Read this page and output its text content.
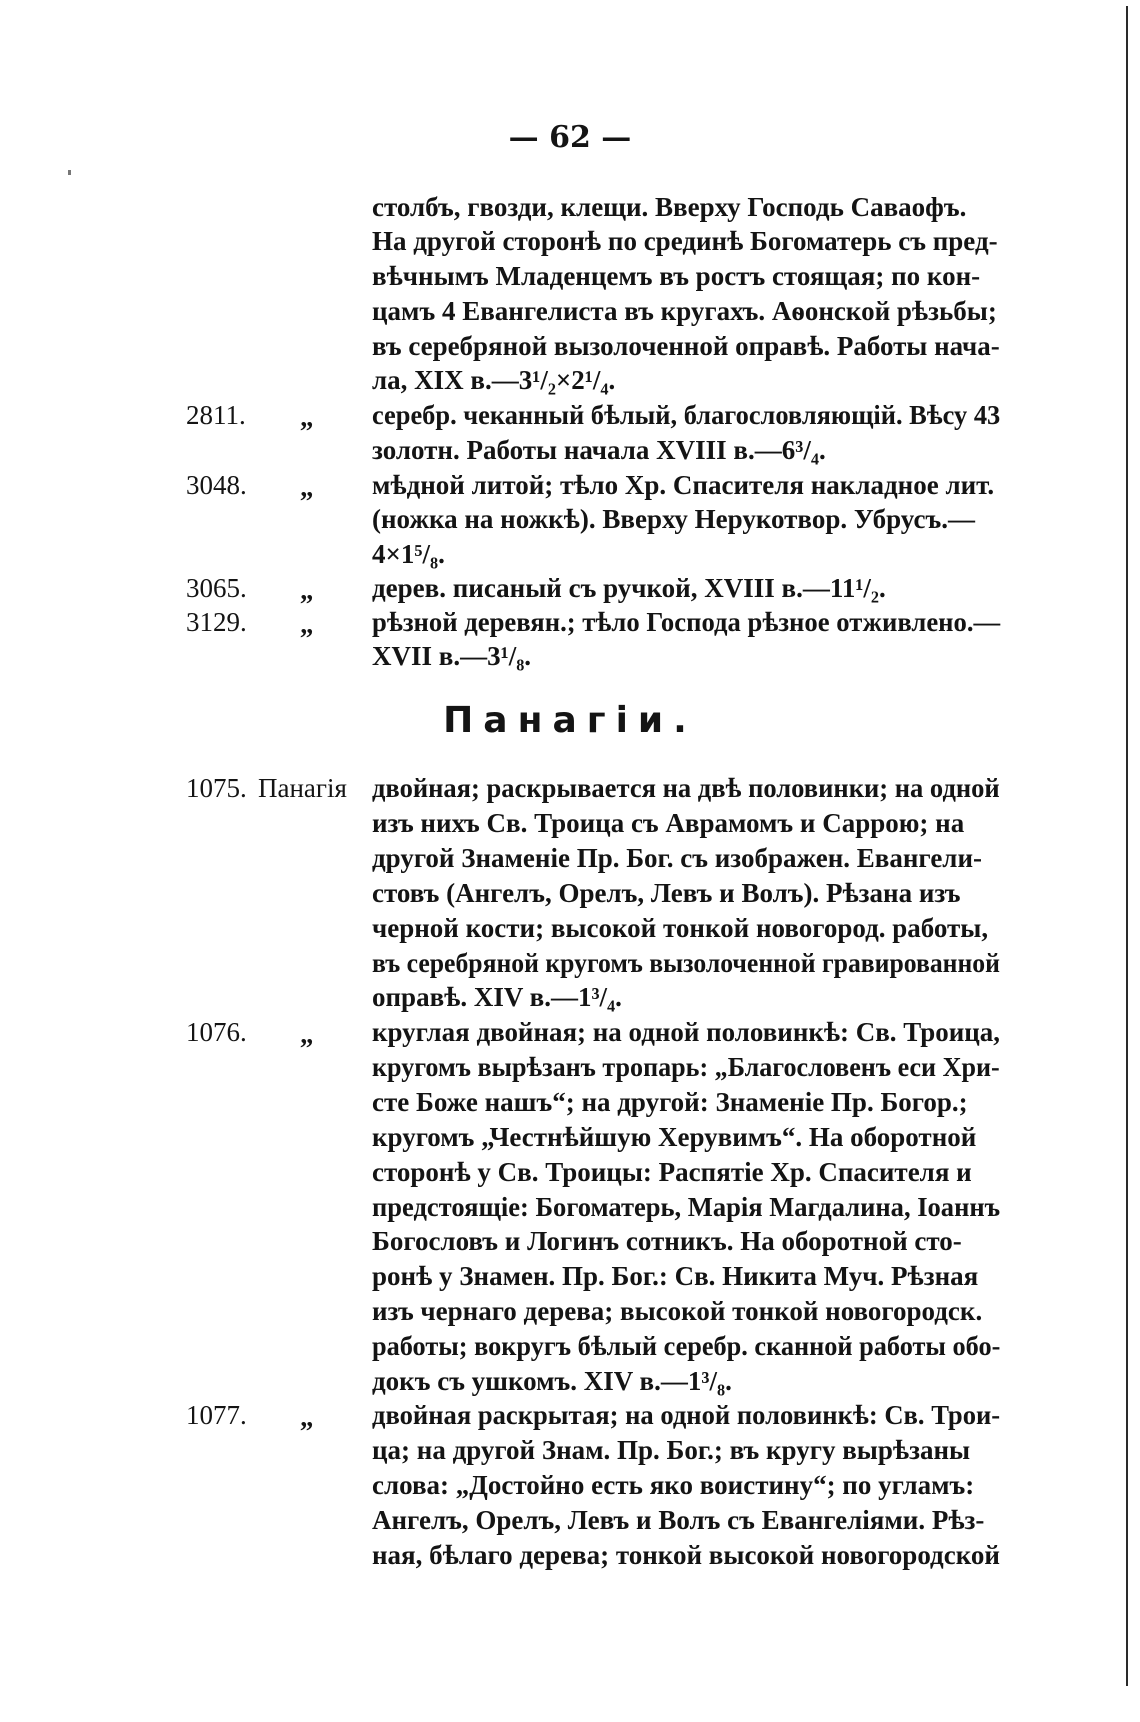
— 62 —
столбъ, гвозди, клещи. Вверху Господь Саваофъ.
На другой сторонѣ по срединѣ Богоматерь съ пред-
вѣчнымъ Младенцемъ въ ростъ стоящая; по кон-
цамъ 4 Евангелиста въ кругахъ. Аѳонской рѣзьбы;
въ серебряной вызолоченной оправѣ. Работы нача-
ла, XIX в.—3¹/₂×2¹/₄.
2811. „ серебр. чеканный бѣлый, благословляющій. Вѣсу 43
золотн. Работы начала XVIII в.—6³/₄.
3048. „ мѣдной литой; тѣло Хр. Спасителя накладное лит.
(ножка на ножкѣ). Вверху Нерукотвор. Убрусъ.—
4×1⁵/₈.
3065. „ дерев. писаный съ ручкой, XVIII в.—11¹/₂.
3129. „ рѣзной деревян.; тѣло Господа рѣзное отживлено.—
XVII в.—3¹/₈.
Панагіи.
1075. Панагія двойная; раскрывается на двѣ половинки; на одной
изъ нихъ Св. Троица съ Аврамомъ и Саррою; на
другой Знаменіе Пр. Бог. съ изображен. Евангели-
стовъ (Ангелъ, Орелъ, Левъ и Волъ). Рѣзана изъ
черной кости; высокой тонкой новогород. работы,
въ серебряной кругомъ вызолоченной гравированной
оправѣ. XIV в.—1³/₄.
1076. „ круглая двойная; на одной половинкѣ: Св. Троица,
кругомъ вырѣзанъ тропарь: „Благословенъ еси Хри-
сте Боже нашъ“; на другой: Знаменіе Пр. Богор.;
кругомъ „Честнѣйшую Херувимъ“. На оборотной
сторонѣ у Св. Троицы: Распятіе Хр. Спасителя и
предстоящіе: Богоматерь, Марія Магдалина, Іоаннъ
Богословъ и Логинъ сотникъ. На оборотной сто-
ронѣ у Знамен. Пр. Бог.: Св. Никита Муч. Рѣзная
изъ чернаго дерева; высокой тонкой новогородск.
работы; вокругъ бѣлый серебр. сканной работы обо-
докъ съ ушкомъ. XIV в.—1³/₈.
1077. „ двойная раскрытая; на одной половинкѣ: Св. Трои-
ца; на другой Знам. Пр. Бог.; въ кругу вырѣзаны
слова: „Достойно есть яко воистину“; по угламъ:
Ангелъ, Орелъ, Левъ и Волъ съ Евангеліями. Рѣз-
ная, бѣлаго дерева; тонкой высокой новогородской
